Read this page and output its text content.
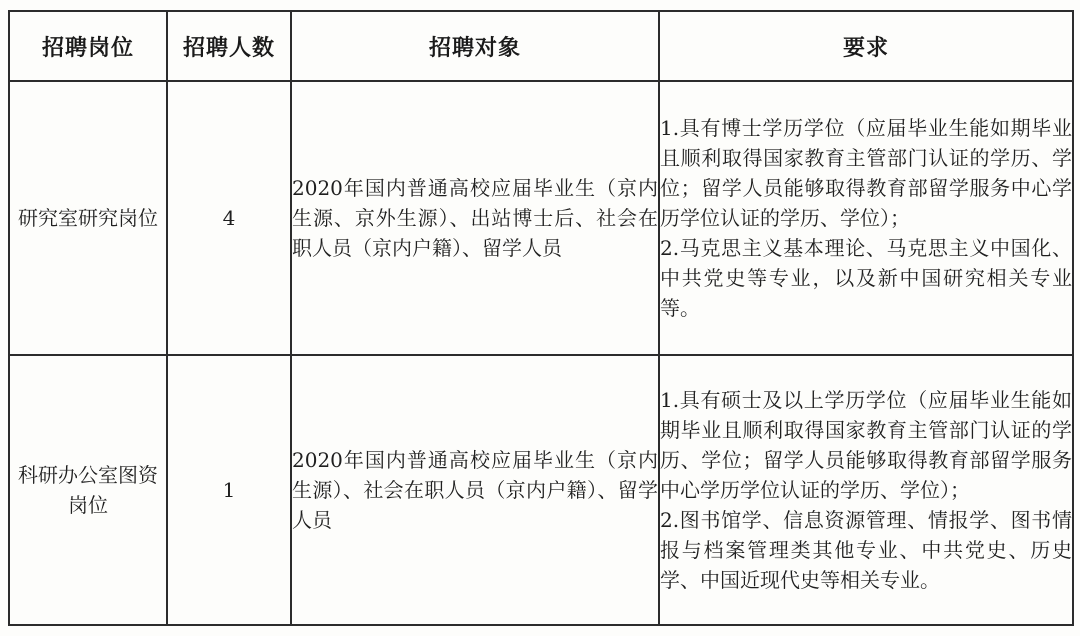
招聘岗位	招聘人数	招聘对象	要求
研究室研究岗位	4	2020年国内普通高校应届毕业生（京内生源、京外生源）、出站博士后、社会在职人员（京内户籍）、留学人员	1.具有博士学历学位（应届毕业生能如期毕业且顺利取得国家教育主管部门认证的学历、学位；留学人员能够取得教育部留学服务中心学历学位认证的学历、学位）；
2.马克思主义基本理论、马克思主义中国化、中共党史等专业，以及新中国研究相关专业等。

科研办公室图资岗位	1	2020年国内普通高校应届毕业生（京内生源）、社会在职人员（京内户籍）、留学人员	1.具有硕士及以上学历学位（应届毕业生能如期毕业且顺利取得国家教育主管部门认证的学历、学位；留学人员能够取得教育部留学服务中心学历学位认证的学历、学位）；
2.图书馆学、信息资源管理、情报学、图书情报与档案管理类其他专业、中共党史、历史学、中国近现代史等相关专业。
